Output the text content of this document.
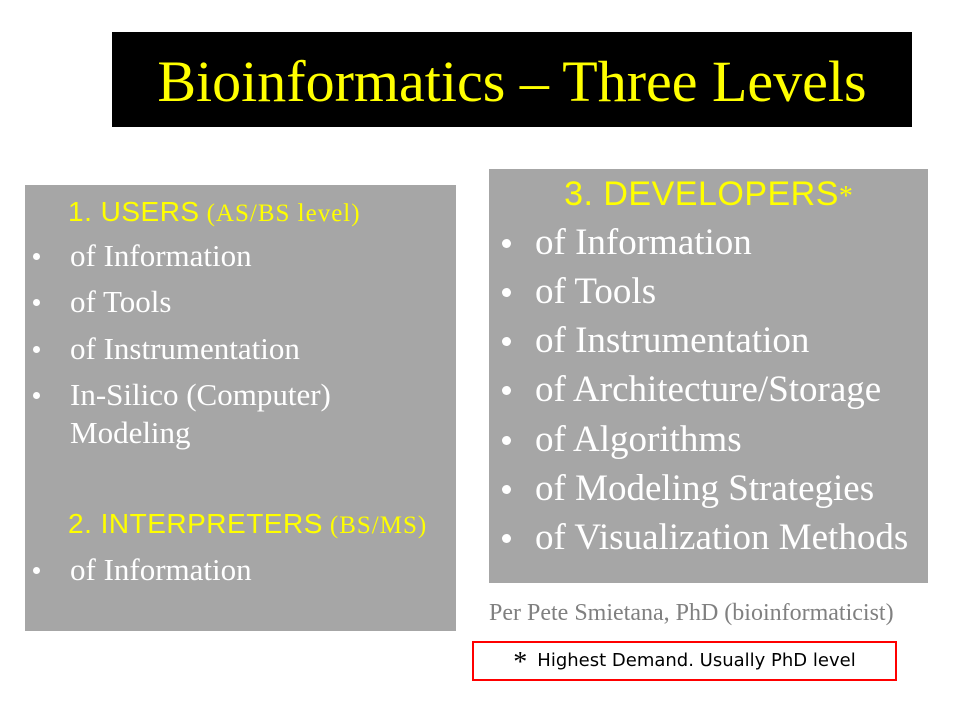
Bioinformatics – Three Levels
1. USERS (AS/BS level)
of Information
of Tools
of Instrumentation
In-Silico (Computer) Modeling
2. INTERPRETERS (BS/MS)
of Information
3. DEVELOPERS*
of Information
of Tools
of Instrumentation
of Architecture/Storage
of Algorithms
of Modeling Strategies
of Visualization Methods
Per Pete Smietana, PhD (bioinformaticist)
* Highest Demand. Usually PhD level
